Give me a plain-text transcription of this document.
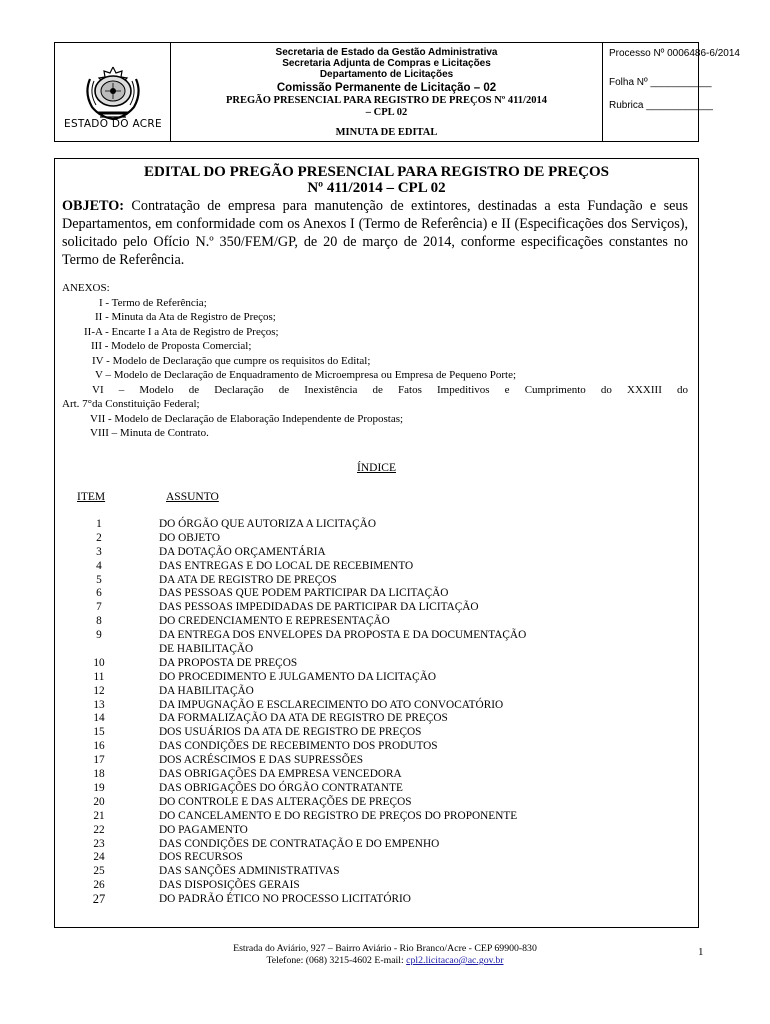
ESTADO DO ACRE
Secretaria de Estado da Gestão Administrativa
Secretaria Adjunta de Compras e Licitações
Departamento de Licitações
Comissão Permanente de Licitação – 02
PREGÃO PRESENCIAL PARA REGISTRO DE PREÇOS Nº 411/2014
– CPL 02
MINUTA DE EDITAL
Processo Nº 0006486-6/2014
Folha Nº ___________
Rubrica ____________
EDITAL DO PREGÃO PRESENCIAL PARA REGISTRO DE PREÇOS
Nº 411/2014 – CPL 02
OBJETO: Contratação de empresa para manutenção de extintores, destinadas a esta Fundação e seus Departamentos, em conformidade com os Anexos I (Termo de Referência) e II (Especificações dos Serviços), solicitado pelo Ofício N.º 350/FEM/GP, de 20 de março de 2014, conforme especificações constantes no Termo de Referência.
ANEXOS:
I - Termo de Referência;
II - Minuta da Ata de Registro de Preços;
II-A - Encarte I a Ata de Registro de Preços;
III - Modelo de Proposta Comercial;
IV - Modelo de Declaração que cumpre os requisitos do Edital;
V – Modelo de Declaração de Enquadramento de Microempresa ou Empresa de Pequeno Porte;
VI – Modelo de Declaração de Inexistência de Fatos Impeditivos e Cumprimento do XXXIII do
Art. 7°da Constituição Federal;
VII - Modelo de Declaração de Elaboração Independente de Propostas;
VIII – Minuta de Contrato.
ÍNDICE
ITEM	ASSUNTO
1	DO ÓRGÃO QUE AUTORIZA A LICITAÇÃO
2	DO OBJETO
3	DA DOTAÇÃO ORÇAMENTÁRIA
4	DAS ENTREGAS E DO LOCAL DE RECEBIMENTO
5	DA ATA DE REGISTRO DE PREÇOS
6	DAS PESSOAS QUE PODEM PARTICIPAR DA LICITAÇÃO
7	DAS PESSOAS IMPEDIDADAS DE PARTICIPAR DA LICITAÇÃO
8	DO CREDENCIAMENTO E REPRESENTAÇÃO
9	DA ENTREGA DOS ENVELOPES DA PROPOSTA E DA DOCUMENTAÇÃO
DE HABILITAÇÃO
10	DA PROPOSTA DE PREÇOS
11	DO PROCEDIMENTO E JULGAMENTO DA LICITAÇÃO
12	DA HABILITAÇÃO
13	DA IMPUGNAÇÃO E ESCLARECIMENTO DO ATO CONVOCATÓRIO
14	DA FORMALIZAÇÃO DA ATA DE REGISTRO DE PREÇOS
15	DOS USUÁRIOS DA ATA DE REGISTRO DE PREÇOS
16	DAS CONDIÇÕES DE RECEBIMENTO DOS PRODUTOS
17	DOS ACRÉSCIMOS E DAS SUPRESSÕES
18	DAS OBRIGAÇÕES DA EMPRESA VENCEDORA
19	DAS OBRIGAÇÕES DO ÓRGÃO CONTRATANTE
20	DO CONTROLE E DAS ALTERAÇÕES DE PREÇOS
21	DO CANCELAMENTO E DO REGISTRO DE PREÇOS DO PROPONENTE
22	DO PAGAMENTO
23	DAS CONDIÇÕES DE CONTRATAÇÃO E DO EMPENHO
24	DOS RECURSOS
25	DAS SANÇÕES ADMINISTRATIVAS
26	DAS DISPOSIÇÕES GERAIS
27	DO PADRÃO ÉTICO NO PROCESSO LICITATÓRIO
Estrada do Aviário, 927 – Bairro Aviário - Rio Branco/Acre - CEP 69900-830
Telefone: (068) 3215-4602 E-mail: cpl2.licitacao@ac.gov.br
1
